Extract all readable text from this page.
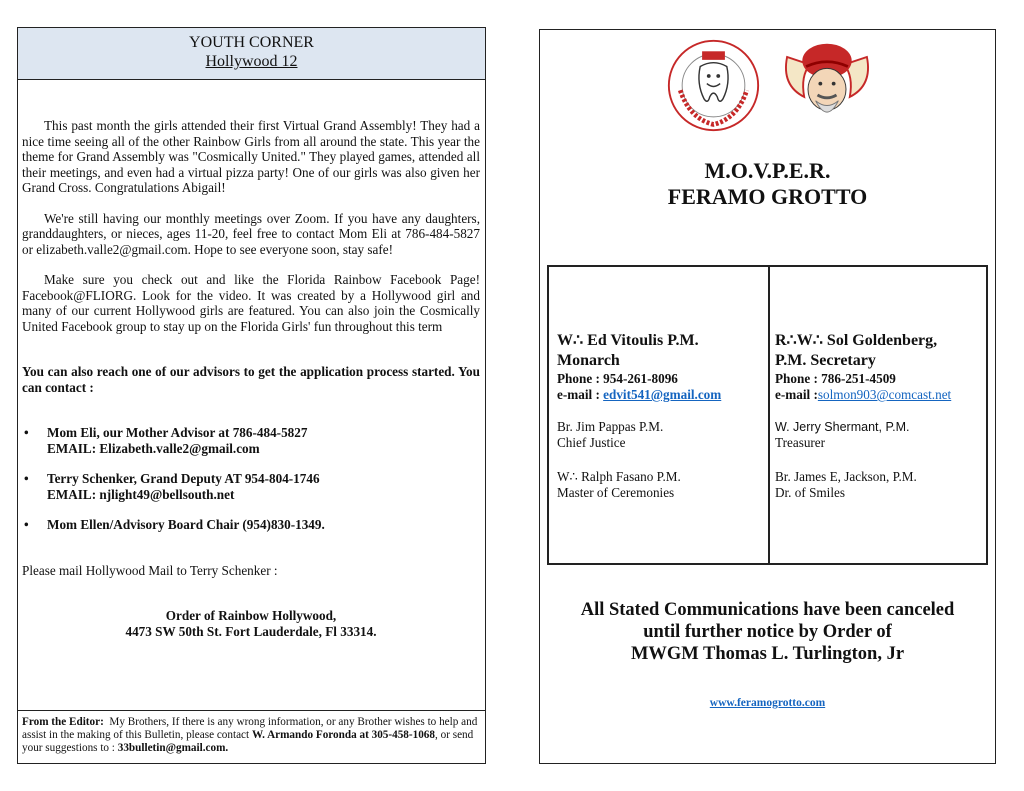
YOUTH CORNER
Hollywood 12

This past month the girls attended their first Virtual Grand Assembly! They had a nice time seeing all of the other Rainbow Girls from all around the state. This year the theme for Grand Assembly was "Cosmically United." They played games, attended all their meetings, and even had a virtual pizza party! One of our girls was also given her Grand Cross. Congratulations Abigail!

We're still having our monthly meetings over Zoom. If you have any daughters, granddaughters, or nieces, ages 11-20, feel free to contact Mom Eli at 786-484-5827 or elizabeth.valle2@gmail.com. Hope to see everyone soon, stay safe!

Make sure you check out and like the Florida Rainbow Facebook Page! Facebook@FLIORG. Look for the video. It was created by a Hollywood girl and many of our current Hollywood girls are featured. You can also join the Cosmically United Facebook group to stay up on the Florida Girls' fun throughout this term

You can also reach one of our advisors to get the application process started. You can contact :

• Mom Eli, our Mother Advisor at 786-484-5827
EMAIL: Elizabeth.valle2@gmail.com
• Terry Schenker, Grand Deputy AT 954-804-1746
EMAIL: njlight49@bellsouth.net
• Mom Ellen/Advisory Board Chair (954)830-1349.

Please mail Hollywood Mail to Terry Schenker :

Order of Rainbow Hollywood,

4473 SW 50th St. Fort Lauderdale, Fl 33314.

From the Editor: My Brothers, If there is any wrong information, or any Brother wishes to help and assist in the making of this Bulletin, please contact W. Armando Foronda at 305-458-1068, or send your suggestions to : 33bulletin@gmail.com.
M.O.V.P.E.R.
FERAMO GROTTO
W∴ Ed Vitoulis P.M.
Monarch
Phone : 954-261-8096
e-mail : edvit541@gmail.com
Br. Jim Pappas P.M.
Chief Justice
W∴ Ralph Fasano P.M.
Master of Ceremonies
R∴W∴ Sol Goldenberg,
P.M. Secretary
Phone : 786-251-4509
e-mail :solmon903@comcast.net
W. Jerry Shermant, P.M.
Treasurer
Br. James E, Jackson, P.M.
Dr. of Smiles
All Stated Communications have been canceled
until further notice by Order of
MWGM Thomas L. Turlington, Jr
www.feramogrotto.com
